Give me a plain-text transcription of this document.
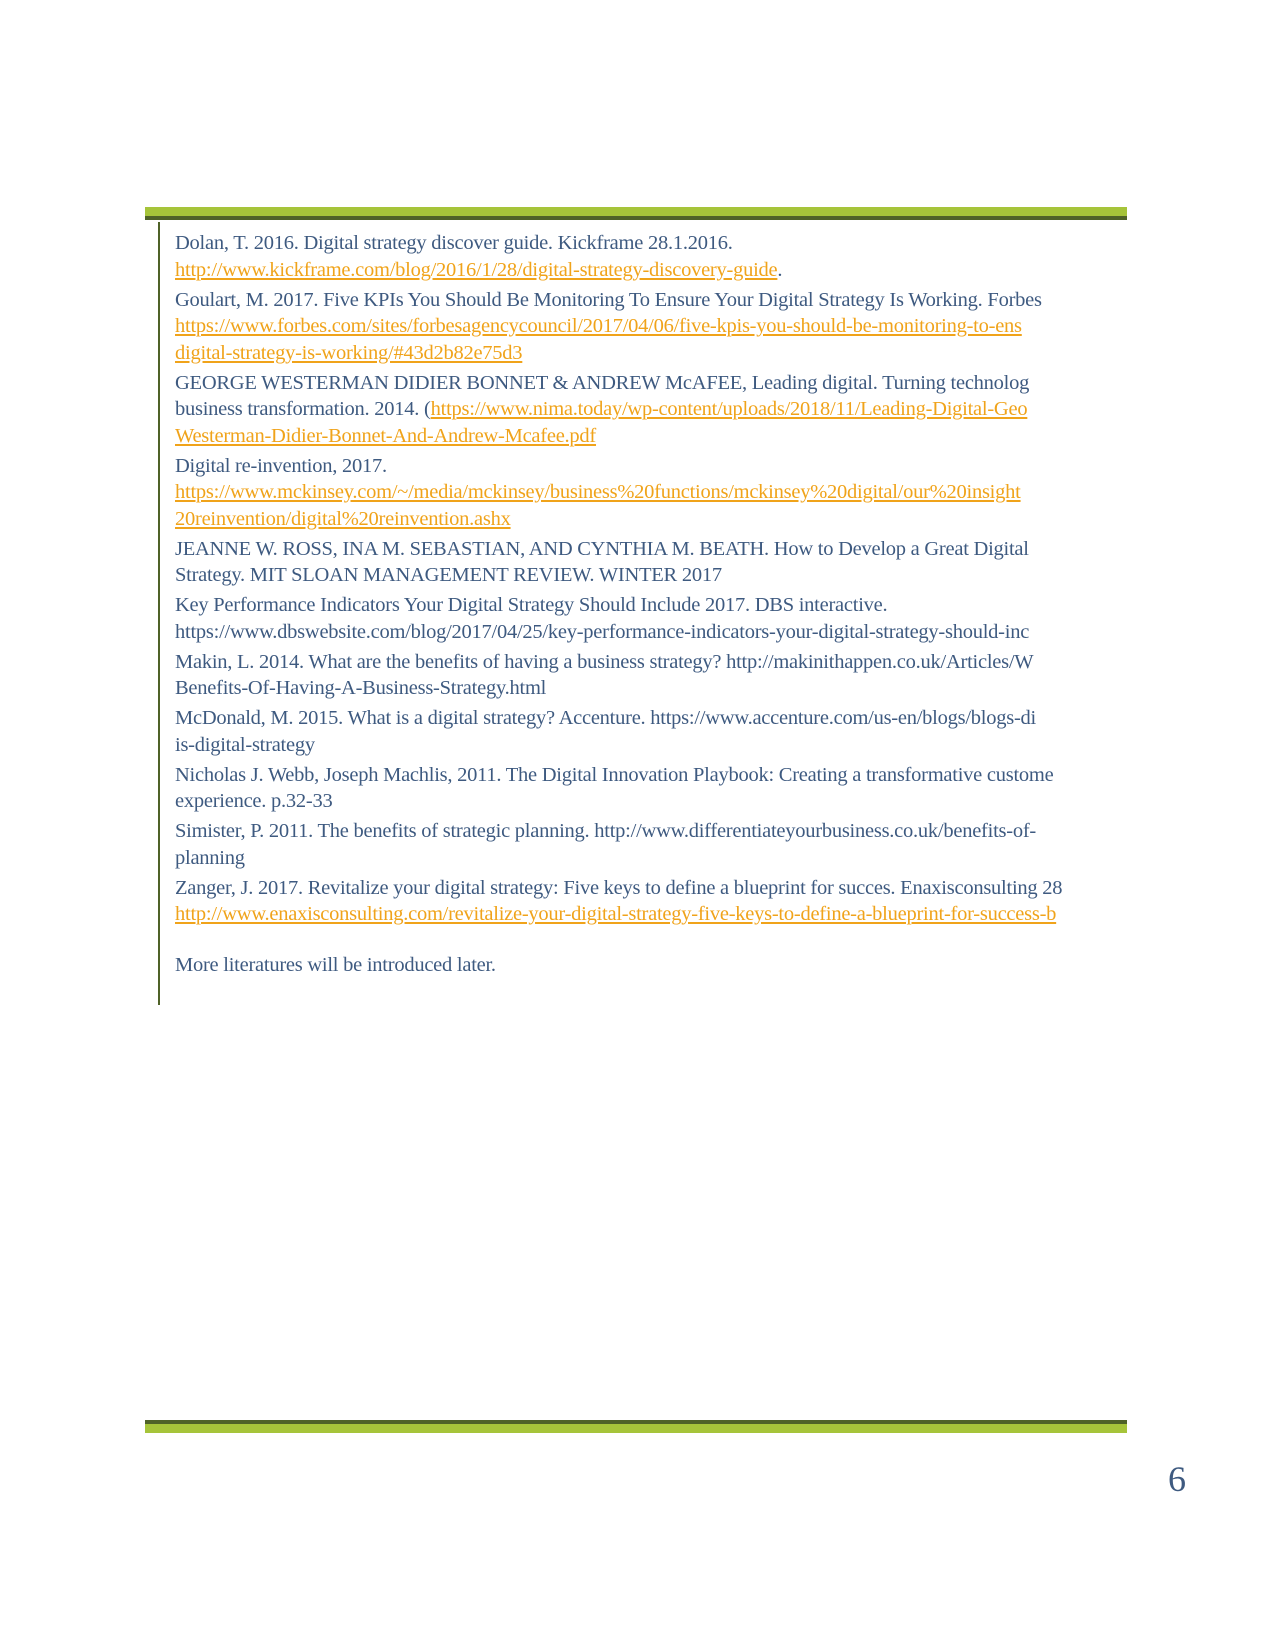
Dolan, T. 2016. Digital strategy discover guide. Kickframe 28.1.2016.
http://www.kickframe.com/blog/2016/1/28/digital-strategy-discovery-guide.
Goulart, M. 2017. Five KPIs You Should Be Monitoring To Ensure Your Digital Strategy Is Working. Forbes
https://www.forbes.com/sites/forbesagencycouncil/2017/04/06/five-kpis-you-should-be-monitoring-to-ens
digital-strategy-is-working/#43d2b82e75d3
GEORGE WESTERMAN DIDIER BONNET & ANDREW McAFEE, Leading digital. Turning technolog
business transformation. 2014. (https://www.nima.today/wp-content/uploads/2018/11/Leading-Digital-Geo
Westerman-Didier-Bonnet-And-Andrew-Mcafee.pdf
Digital re-invention, 2017.
https://www.mckinsey.com/~/media/mckinsey/business%20functions/mckinsey%20digital/our%20insight
20reinvention/digital%20reinvention.ashx
JEANNE W. ROSS, INA M. SEBASTIAN, AND CYNTHIA M. BEATH. How to Develop a Great Digital
Strategy. MIT SLOAN MANAGEMENT REVIEW. WINTER 2017
Key Performance Indicators Your Digital Strategy Should Include 2017. DBS interactive.
https://www.dbswebsite.com/blog/2017/04/25/key-performance-indicators-your-digital-strategy-should-inc
Makin, L. 2014. What are the benefits of having a business strategy? http://makinithappen.co.uk/Articles/W
Benefits-Of-Having-A-Business-Strategy.html
McDonald, M. 2015. What is a digital strategy? Accenture. https://www.accenture.com/us-en/blogs/blogs-di
is-digital-strategy
Nicholas J. Webb, Joseph Machlis, 2011. The Digital Innovation Playbook: Creating a transformative custome
experience. p.32-33
Simister, P. 2011. The benefits of strategic planning. http://www.differentiateyourbusiness.co.uk/benefits-of-
planning
Zanger, J. 2017. Revitalize your digital strategy: Five keys to define a blueprint for succes. Enaxisconsulting 28
http://www.enaxisconsulting.com/revitalize-your-digital-strategy-five-keys-to-define-a-blueprint-for-success-b
More literatures will be introduced later.
6
